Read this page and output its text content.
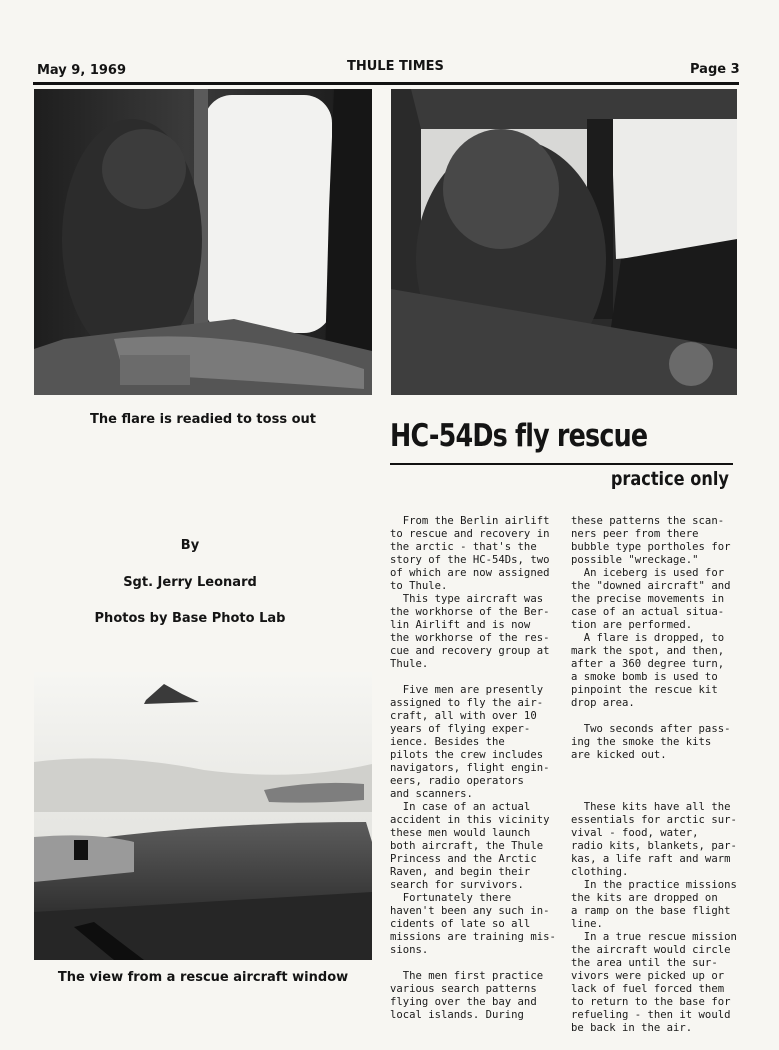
May 9, 1969	THULE TIMES	Page 3
The flare is readied to toss out	HC-54Ds fly rescue
practice only
By
Sgt. Jerry Leonard
Photos by Base Photo Lab
The view from a rescue aircraft window
From the Berlin airlift
to rescue and recovery in
the arctic - that's the
story of the HC-54Ds, two
of which are now assigned
to Thule.
This type aircraft was
the workhorse of the Ber-
lin Airlift and is now
the workhorse of the res-
cue and recovery group at
Thule.

Five men are presently
assigned to fly the air-
craft, all with over 10
years of flying exper-
ience. Besides the
pilots the crew includes
navigators, flight engin-
eers, radio operators
and scanners.
In case of an actual
accident in this vicinity
these men would launch
both aircraft, the Thule
Princess and the Arctic
Raven, and begin their
search for survivors.
Fortunately there
haven't been any such in-
cidents of late so all
missions are training mis-
sions.

The men first practice
various search patterns
flying over the bay and
local islands. During
these patterns the scan-
ners peer from there
bubble type portholes for
possible "wreckage."
An iceberg is used for
the "downed aircraft" and
the precise movements in
case of an actual situa-
tion are performed.
A flare is dropped, to
mark the spot, and then,
after a 360 degree turn,
a smoke bomb is used to
pinpoint the rescue kit
drop area.

Two seconds after pass-
ing the smoke the kits
are kicked out.

These kits have all the
essentials for arctic sur-
vival - food, water,
radio kits, blankets, par-
kas, a life raft and warm
clothing.
In the practice missions
the kits are dropped on
a ramp on the base flight
line.
In a true rescue mission
the aircraft would circle
the area until the sur-
vivors were picked up or
lack of fuel forced them
to return to the base for
refueling - then it would
be back in the air.
